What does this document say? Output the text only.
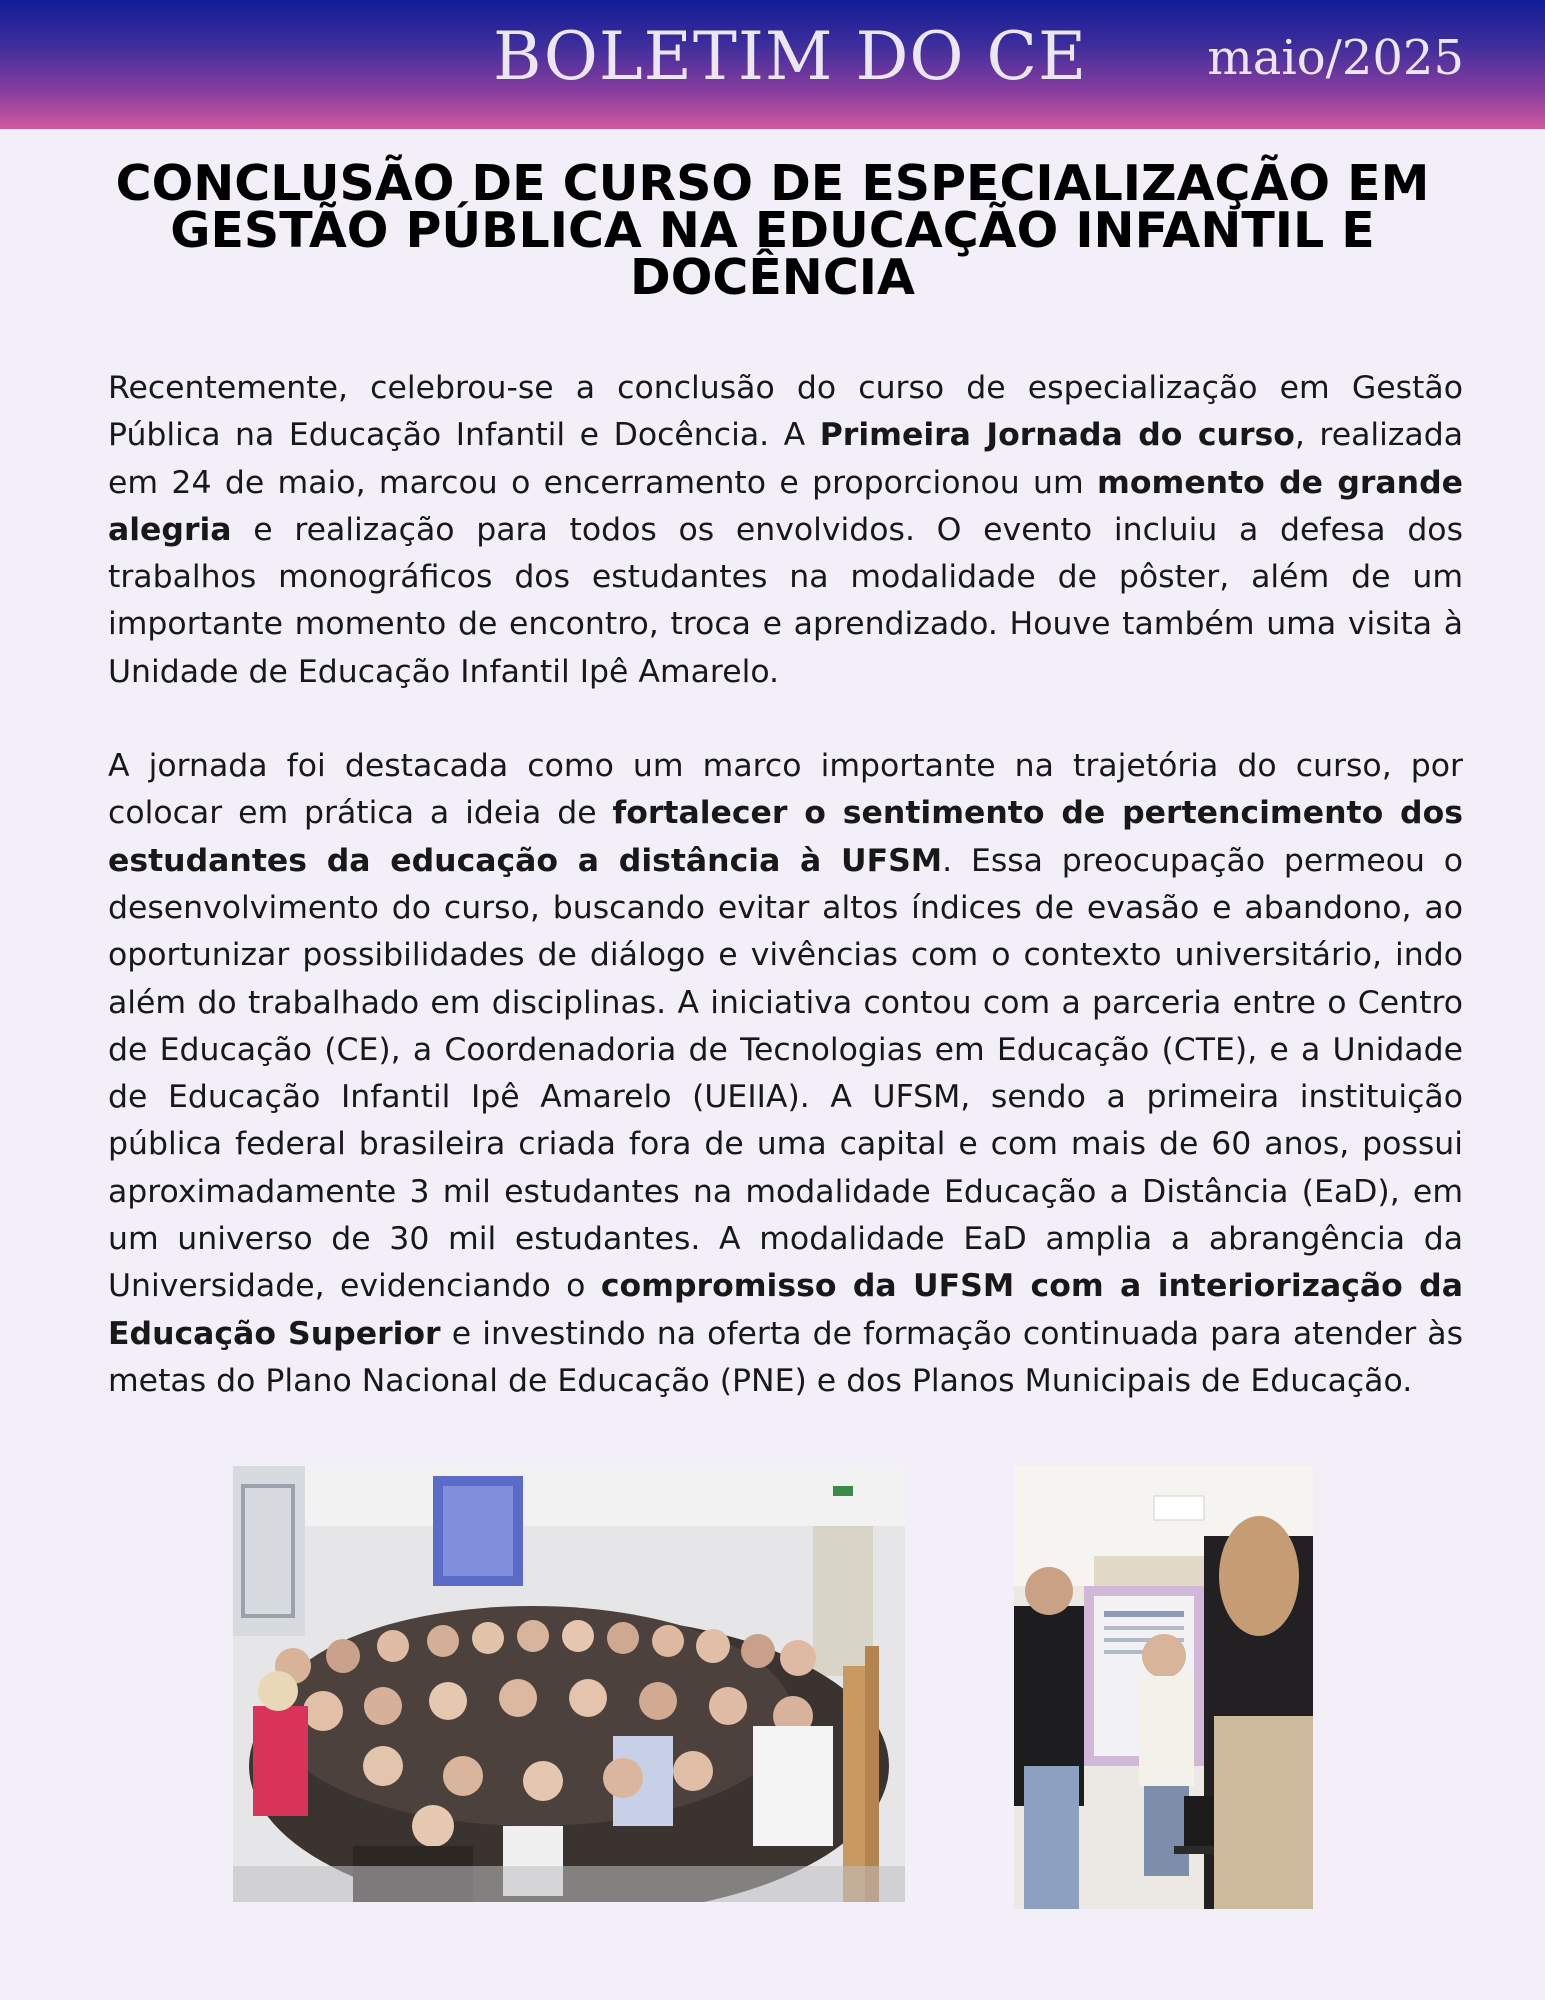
BOLETIM DO CE	maio/2025
CONCLUSÃO DE CURSO DE ESPECIALIZAÇÃO EM GESTÃO PÚBLICA NA EDUCAÇÃO INFANTIL E DOCÊNCIA

Recentemente, celebrou-se a conclusão do curso de especialização em Gestão Pública na Educação Infantil e Docência. A Primeira Jornada do curso, realizada em 24 de maio, marcou o encerramento e proporcionou um momento de grande alegria e realização para todos os envolvidos. O evento incluiu a defesa dos trabalhos monográficos dos estudantes na modalidade de pôster, além de um importante momento de encontro, troca e aprendizado. Houve também uma visita à Unidade de Educação Infantil Ipê Amarelo.

A jornada foi destacada como um marco importante na trajetória do curso, por colocar em prática a ideia de fortalecer o sentimento de pertencimento dos estudantes da educação a distância à UFSM. Essa preocupação permeou o desenvolvimento do curso, buscando evitar altos índices de evasão e abandono, ao oportunizar possibilidades de diálogo e vivências com o contexto universitário, indo além do trabalhado em disciplinas. A iniciativa contou com a parceria entre o Centro de Educação (CE), a Coordenadoria de Tecnologias em Educação (CTE), e a Unidade de Educação Infantil Ipê Amarelo (UEIIA). A UFSM, sendo a primeira instituição pública federal brasileira criada fora de uma capital e com mais de 60 anos, possui aproximadamente 3 mil estudantes na modalidade Educação a Distância (EaD), em um universo de 30 mil estudantes. A modalidade EaD amplia a abrangência da Universidade, evidenciando o compromisso da UFSM com a interiorização da Educação Superior e investindo na oferta de formação continuada para atender às metas do Plano Nacional de Educação (PNE) e dos Planos Municipais de Educação.
